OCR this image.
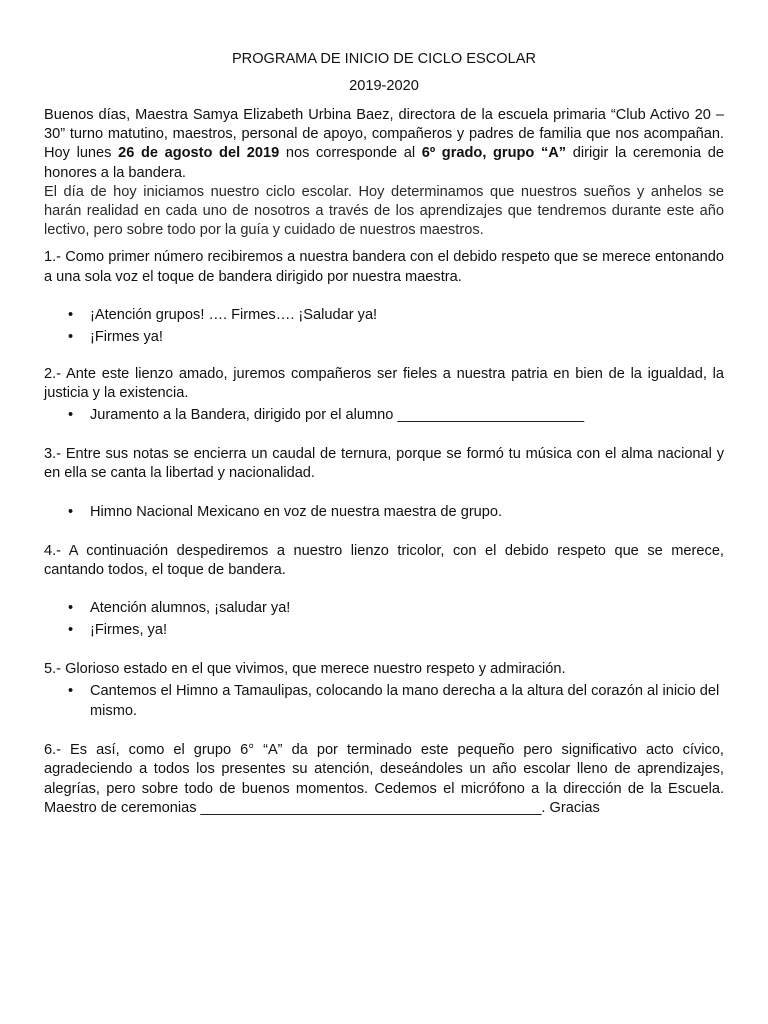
PROGRAMA DE INICIO DE CICLO ESCOLAR

2019-2020

Buenos días, Maestra Samya Elizabeth Urbina Baez, directora de la escuela primaria “Club Activo 20 – 30” turno matutino, maestros, personal de apoyo, compañeros y padres de familia que nos acompañan. Hoy lunes 26 de agosto del 2019 nos corresponde al 6º grado, grupo “A” dirigir la ceremonia de honores a la bandera.

El día de hoy iniciamos nuestro ciclo escolar. Hoy determinamos que nuestros sueños y anhelos se harán realidad en cada uno de nosotros a través de los aprendizajes que tendremos durante este año lectivo, pero sobre todo por la guía y cuidado de nuestros maestros.

1.- Como primer número recibiremos a nuestra bandera con el debido respeto que se merece entonando a una sola voz el toque de bandera dirigido por nuestra maestra.

• ¡Atención grupos! …. Firmes…. ¡Saludar ya!
• ¡Firmes ya!

2.- Ante este lienzo amado, juremos compañeros ser fieles a nuestra patria en bien de la igualdad, la justicia y la existencia.

• Juramento a la Bandera, dirigido por el alumno _______________________

3.- Entre sus notas se encierra un caudal de ternura, porque se formó tu música con el alma nacional y en ella se canta la libertad y nacionalidad.

• Himno Nacional Mexicano en voz de nuestra maestra de grupo.

4.- A continuación despediremos a nuestro lienzo tricolor, con el debido respeto que se merece, cantando todos, el toque de bandera.

• Atención alumnos, ¡saludar ya!
• ¡Firmes, ya!

5.- Glorioso estado en el que vivimos, que merece nuestro respeto y admiración.

• Cantemos el Himno a Tamaulipas, colocando la mano derecha a la altura del corazón al inicio del mismo.

6.- Es así, como el grupo 6° “A” da por terminado este pequeño pero significativo acto cívico, agradeciendo a todos los presentes su atención, deseándoles un año escolar lleno de aprendizajes, alegrías, pero sobre todo de buenos momentos. Cedemos el micrófono a la dirección de la Escuela. Maestro de ceremonias __________________________________________. Gracias
